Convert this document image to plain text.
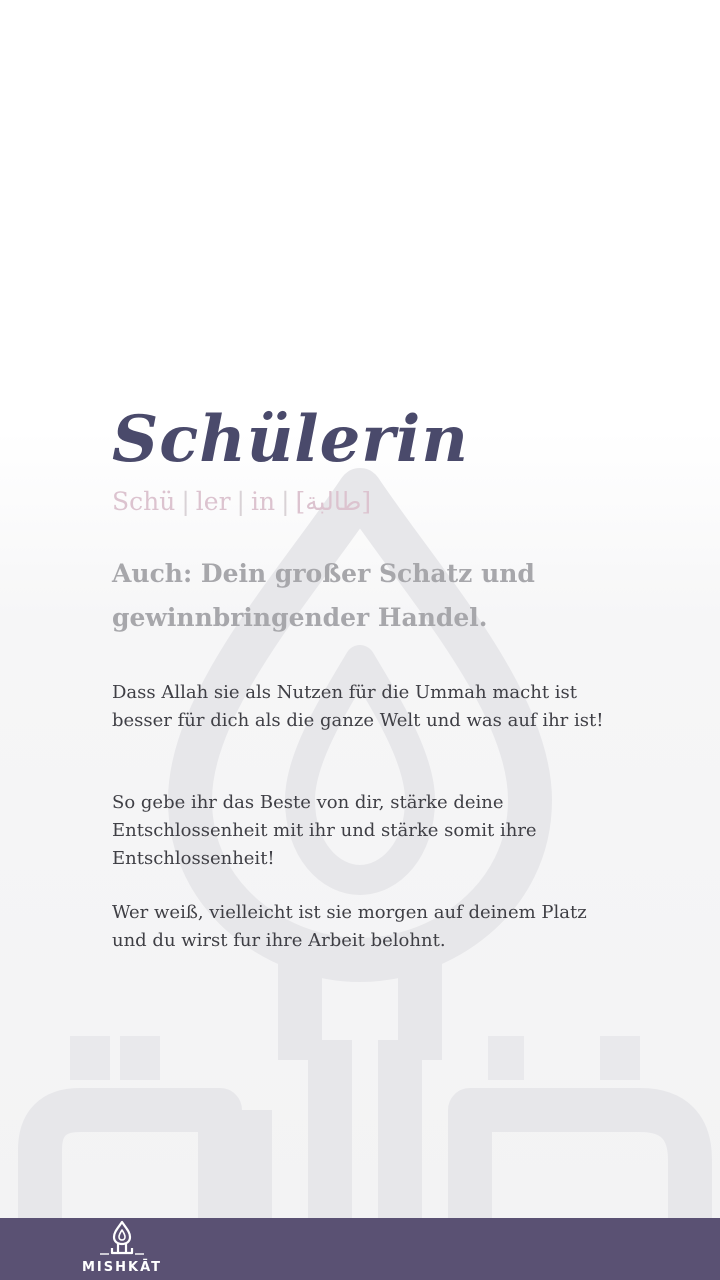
Schülerin
Schü | ler | in | [طالبة]

Auch: Dein großer Schatz und gewinnbringender Handel.

Dass Allah sie als Nutzen für die Ummah macht ist besser für dich als die ganze Welt und was auf ihr ist!

So gebe ihr das Beste von dir, stärke deine Entschlossenheit mit ihr und stärke somit ihre Entschlossenheit!

Wer weiß, vielleicht ist sie morgen auf deinem Platz und du wirst fur ihre Arbeit belohnt.

MISHKĀT
